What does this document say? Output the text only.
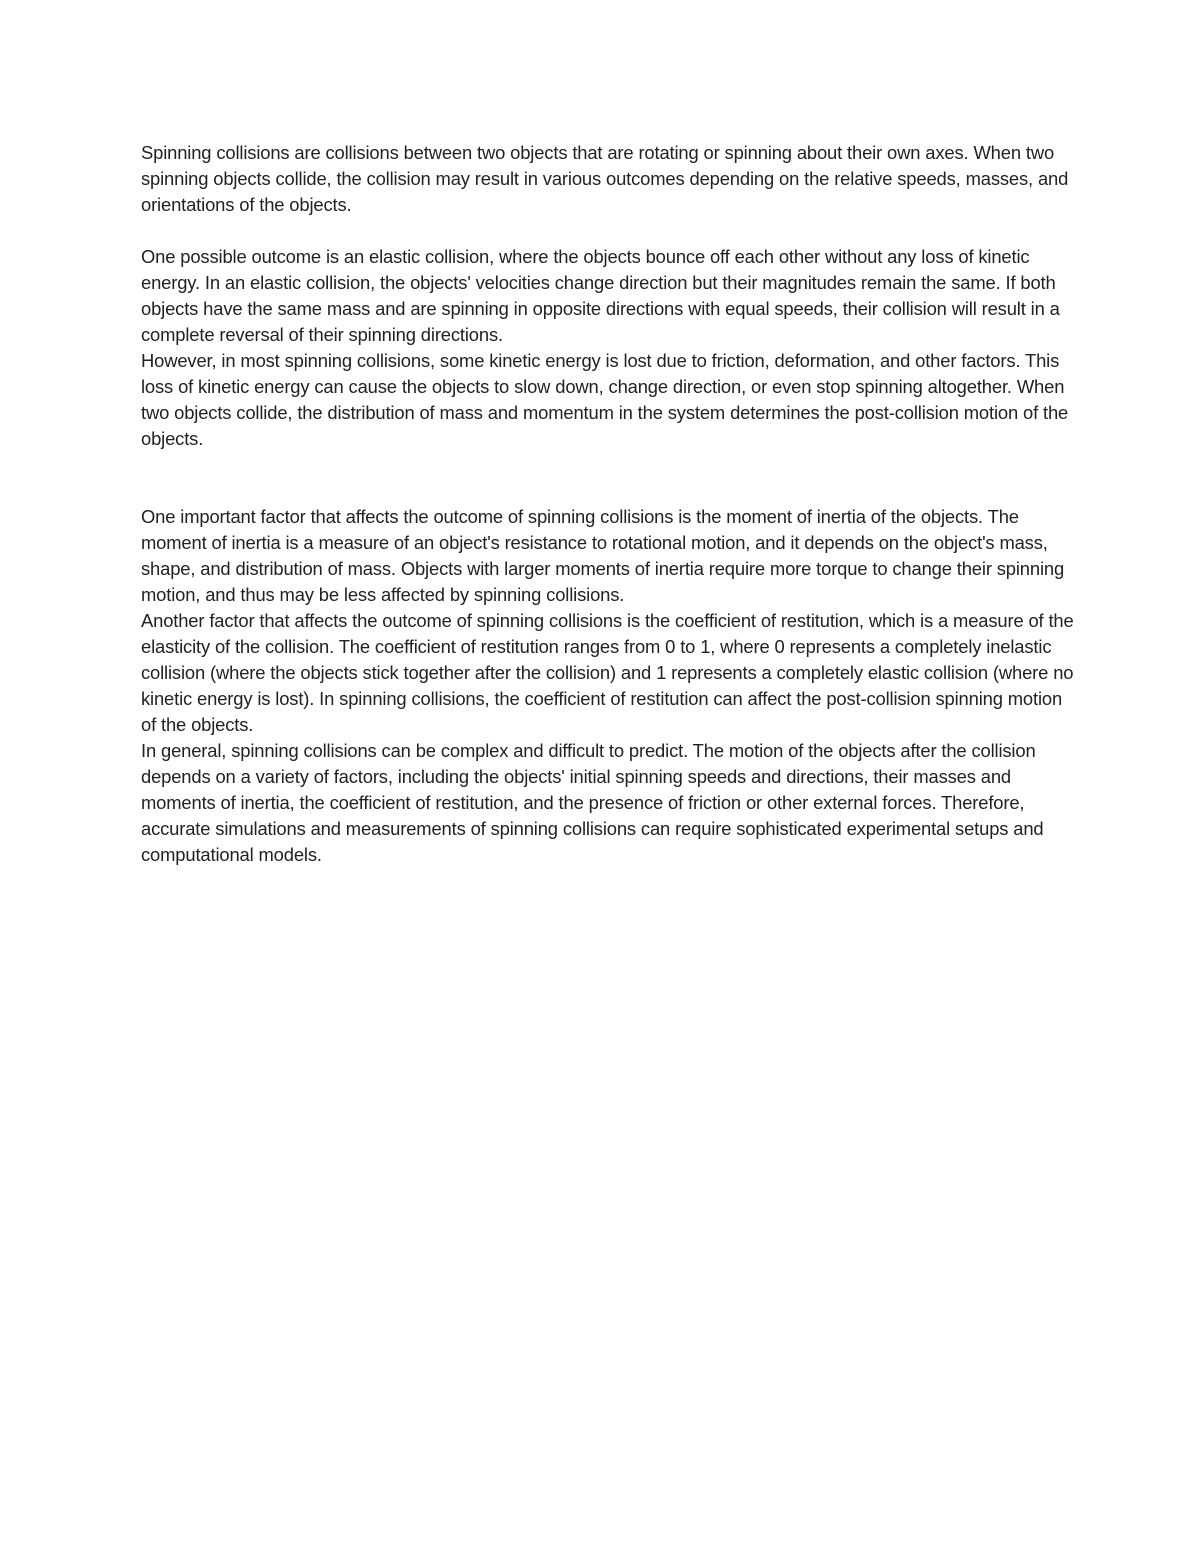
Spinning collisions are collisions between two objects that are rotating or spinning about their own axes. When two spinning objects collide, the collision may result in various outcomes depending on the relative speeds, masses, and orientations of the objects.

One possible outcome is an elastic collision, where the objects bounce off each other without any loss of kinetic energy. In an elastic collision, the objects' velocities change direction but their magnitudes remain the same. If both objects have the same mass and are spinning in opposite directions with equal speeds, their collision will result in a complete reversal of their spinning directions.

However, in most spinning collisions, some kinetic energy is lost due to friction, deformation, and other factors. This loss of kinetic energy can cause the objects to slow down, change direction, or even stop spinning altogether. When two objects collide, the distribution of mass and momentum in the system determines the post-collision motion of the objects.

One important factor that affects the outcome of spinning collisions is the moment of inertia of the objects. The moment of inertia is a measure of an object's resistance to rotational motion, and it depends on the object's mass, shape, and distribution of mass. Objects with larger moments of inertia require more torque to change their spinning motion, and thus may be less affected by spinning collisions.

Another factor that affects the outcome of spinning collisions is the coefficient of restitution, which is a measure of the elasticity of the collision. The coefficient of restitution ranges from 0 to 1, where 0 represents a completely inelastic collision (where the objects stick together after the collision) and 1 represents a completely elastic collision (where no kinetic energy is lost). In spinning collisions, the coefficient of restitution can affect the post-collision spinning motion of the objects.

In general, spinning collisions can be complex and difficult to predict. The motion of the objects after the collision depends on a variety of factors, including the objects' initial spinning speeds and directions, their masses and moments of inertia, the coefficient of restitution, and the presence of friction or other external forces. Therefore, accurate simulations and measurements of spinning collisions can require sophisticated experimental setups and computational models.
